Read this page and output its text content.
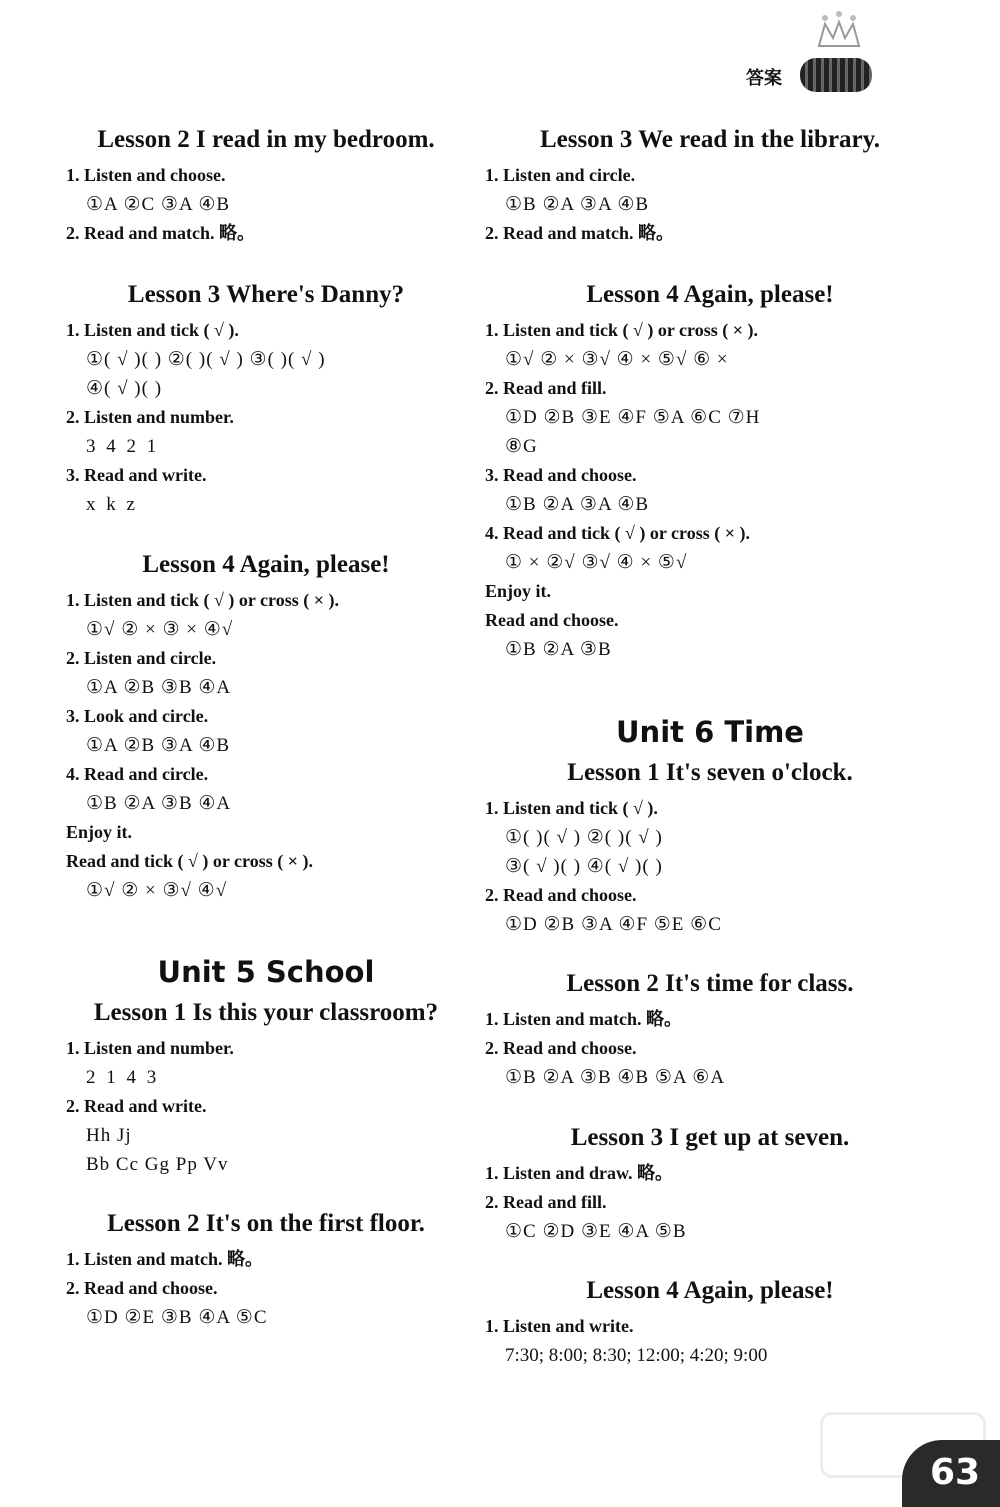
答案
Lesson 2 I read in my bedroom.
1. Listen and choose.
①A ②C ③A ④B
2. Read and match. 略。
Lesson 3 Where's Danny?
1. Listen and tick ( √ ).
①( √ )( ) ②( )( √ ) ③( )( √ )
④( √ )( )
2. Listen and number.
3 4 2 1
3. Read and write.
x k z
Lesson 4 Again, please!
1. Listen and tick ( √ ) or cross ( × ).
①√ ② × ③ × ④√
2. Listen and circle.
①A ②B ③B ④A
3. Look and circle.
①A ②B ③A ④B
4. Read and circle.
①B ②A ③B ④A
Enjoy it.
Read and tick ( √ ) or cross ( × ).
①√ ② × ③√ ④√
Unit 5 School
Lesson 1 Is this your classroom?
1. Listen and number.
2 1 4 3
2. Read and write.
Hh Jj
Bb Cc Gg Pp Vv
Lesson 2 It's on the first floor.
1. Listen and match. 略。
2. Read and choose.
①D ②E ③B ④A ⑤C
Lesson 3 We read in the library.
1. Listen and circle.
①B ②A ③A ④B
2. Read and match. 略。
Lesson 4 Again, please!
1. Listen and tick ( √ ) or cross ( × ).
①√ ② × ③√ ④ × ⑤√ ⑥ ×
2. Read and fill.
①D ②B ③E ④F ⑤A ⑥C ⑦H
⑧G
3. Read and choose.
①B ②A ③A ④B
4. Read and tick ( √ ) or cross ( × ).
① × ②√ ③√ ④ × ⑤√
Enjoy it.
Read and choose.
①B ②A ③B
Unit 6 Time
Lesson 1 It's seven o'clock.
1. Listen and tick ( √ ).
①( )( √ ) ②( )( √ )
③( √ )( ) ④( √ )( )
2. Read and choose.
①D ②B ③A ④F ⑤E ⑥C
Lesson 2 It's time for class.
1. Listen and match. 略。
2. Read and choose.
①B ②A ③B ④B ⑤A ⑥A
Lesson 3 I get up at seven.
1. Listen and draw. 略。
2. Read and fill.
①C ②D ③E ④A ⑤B
Lesson 4 Again, please!
1. Listen and write.
7:30; 8:00; 8:30; 12:00; 4:20; 9:00
63
